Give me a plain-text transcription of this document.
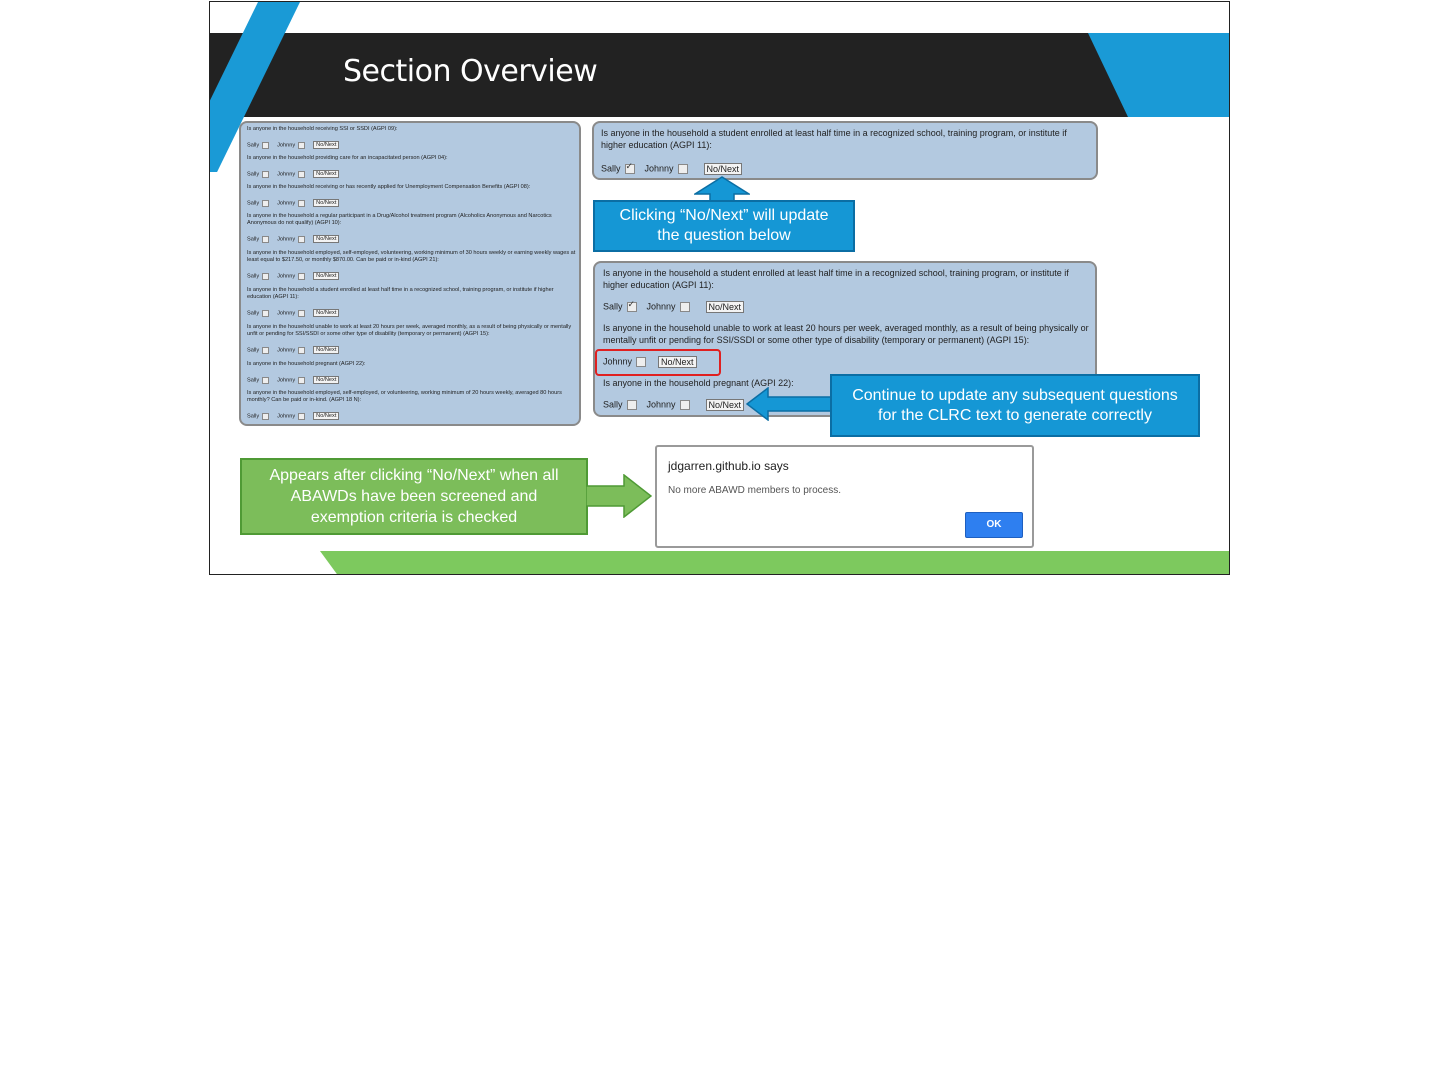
Section Overview
Is anyone in the household receiving SSI or SSDI (AGPI 09):
Sally	Johnny	No/Next
Is anyone in the household providing care for an incapacitated person (AGPI 04):
Sally	Johnny	No/Next
Is anyone in the household receiving or has recently applied for Unemployment Compensation Benefits (AGPI 08):
Sally	Johnny	No/Next
Is anyone in the household a regular participant in a Drug/Alcohol treatment program (Alcoholics Anonymous and Narcotics Anonymous do not qualify) (AGPI 10):
Sally	Johnny	No/Next
Is anyone in the household employed, self-employed, volunteering, working minimum of 30 hours weekly or earning weekly wages at least equal to $217.50, or monthly $870.00. Can be paid or in-kind (AGPI 21):
Sally	Johnny	No/Next
Is anyone in the household a student enrolled at least half time in a recognized school, training program, or institute if higher education (AGPI 11):
Sally	Johnny	No/Next
Is anyone in the household unable to work at least 20 hours per week, averaged monthly, as a result of being physically or mentally unfit or pending for SSI/SSDI or some other type of disability (temporary or permanent) (AGPI 15):
Sally	Johnny	No/Next
Is anyone in the household pregnant (AGPI 22):
Sally	Johnny	No/Next
Is anyone in the household employed, self-employed, or volunteering, working minimum of 20 hours weekly, averaged 80 hours monthly? Can be paid or in-kind. (AGPI 18 N):
Sally	Johnny	No/Next
Is anyone in the household a student enrolled at least half time in a recognized school, training program, or institute if higher education (AGPI 11):
Sally ✓	Johnny	No/Next
Clicking “No/Next” will update the question below
Is anyone in the household a student enrolled at least half time in a recognized school, training program, or institute if higher education (AGPI 11):
Sally ✓	Johnny	No/Next
Is anyone in the household unable to work at least 20 hours per week, averaged monthly, as a result of being physically or mentally unfit or pending for SSI/SSDI or some other type of disability (temporary or permanent) (AGPI 15):
Johnny	No/Next
Is anyone in the household pregnant (AGPI 22):
Sally	Johnny	No/Next
Continue to update any subsequent questions for the CLRC text to generate correctly
Appears after clicking “No/Next” when all ABAWDs have been screened and exemption criteria is checked
jdgarren.github.io says
No more ABAWD members to process.
OK
